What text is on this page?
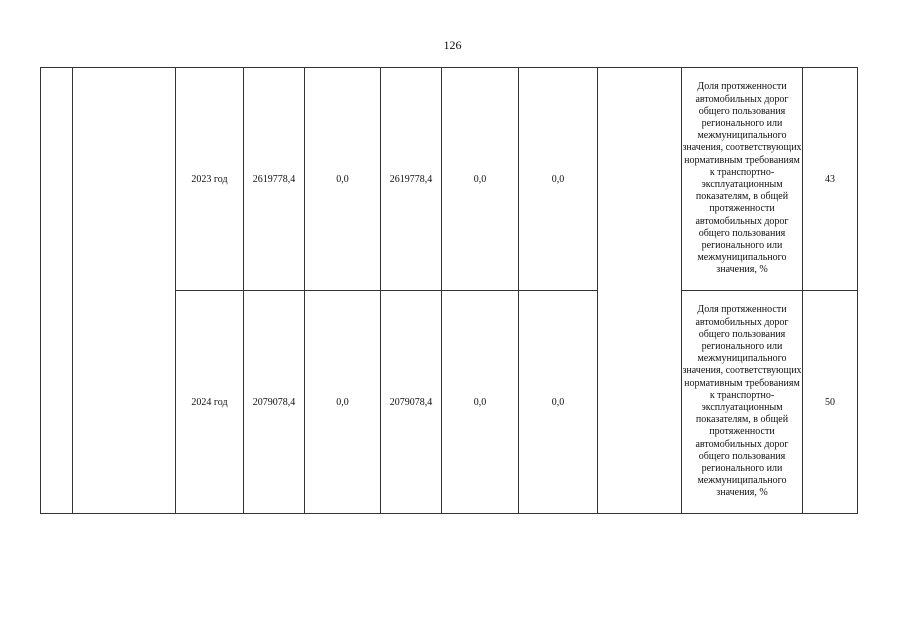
126
		2023 год	2619778,4	0,0	2619778,4	0,0	0,0		Доля протяженности автомобильных дорог общего пользования регионального или межмуниципального значения, соответствующих нормативным требованиям к транспортно-эксплуатационным показателям, в общей протяженности автомобильных дорог общего пользования регионального или межмуниципального значения, %	43
		2024 год	2079078,4	0,0	2079078,4	0,0	0,0		Доля протяженности автомобильных дорог общего пользования регионального или межмуниципального значения, соответствующих нормативным требованиям к транспортно-эксплуатационным показателям, в общей протяженности автомобильных дорог общего пользования регионального или межмуниципального значения, %	50
